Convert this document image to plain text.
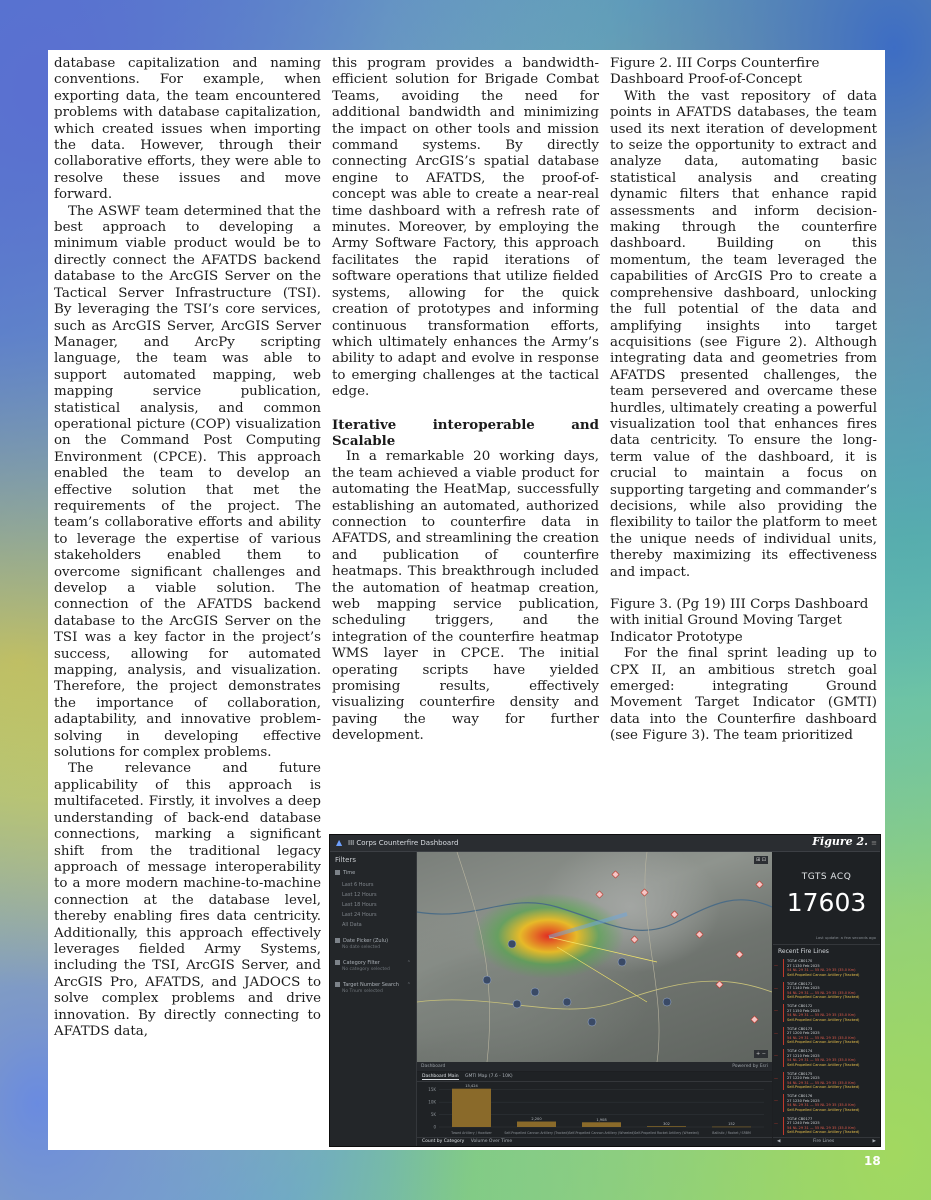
database capitalization and naming conventions. For example, when exporting data, the team encountered problems with database capitalization, which created issues when importing the data. However, through their collaborative efforts, they were able to resolve these issues and move forward.

The ASWF team determined that the best approach to developing a minimum viable product would be to directly connect the AFATDS backend database to the ArcGIS Server on the Tactical Server Infrastructure (TSI). By leveraging the TSI’s core services, such as ArcGIS Server, ArcGIS Server Manager, and ArcPy scripting language, the team was able to support automated mapping, web mapping service publication, statistical analysis, and common operational picture (COP) visualization on the Command Post Computing Environment (CPCE). This approach enabled the team to develop an effective solution that met the requirements of the project. The team’s collaborative efforts and ability to leverage the expertise of various stakeholders enabled them to overcome significant challenges and develop a viable solution. The connection of the AFATDS backend database to the ArcGIS Server on the TSI was a key factor in the project’s success, allowing for automated mapping, analysis, and visualization. Therefore, the project demonstrates the importance of collaboration, adaptability, and innovative problem-solving in developing effective solutions for complex problems.

The relevance and future applicability of this approach is multifaceted. Firstly, it involves a deep understanding of back-end database connections, marking a significant shift from the traditional legacy approach of message interoperability to a more modern machine-to-machine connection at the database level, thereby enabling fires data centricity. Additionally, this approach effectively leverages fielded Army Systems, including the TSI, ArcGIS Server, and ArcGIS Pro, AFATDS, and JADOCS to solve complex problems and drive innovation. By directly connecting to AFATDS data,

this program provides a bandwidth-efficient solution for Brigade Combat Teams, avoiding the need for additional bandwidth and minimizing the impact on other tools and mission command systems. By directly connecting ArcGIS’s spatial database engine to AFATDS, the proof-of-concept was able to create a near-real time dashboard with a refresh rate of minutes. Moreover, by employing the Army Software Factory, this approach facilitates the rapid iterations of software operations that utilize fielded systems, allowing for the quick creation of prototypes and informing continuous transformation efforts, which ultimately enhances the Army’s ability to adapt and evolve in response to emerging challenges at the tactical edge.

Iterative interoperable and Scalable

In a remarkable 20 working days, the team achieved a viable product for automating the HeatMap, successfully establishing an automated, authorized connection to counterfire data in AFATDS, and streamlining the creation and publication of counterfire heatmaps. This breakthrough included the automation of heatmap creation, web mapping service publication, scheduling triggers, and the integration of the counterfire heatmap WMS layer in CPCE. The initial operating scripts have yielded promising results, effectively visualizing counterfire density and paving the way for further development.

Figure 2. III Corps Counterfire Dashboard Proof-of-Concept

With the vast repository of data points in AFATDS databases, the team used its next iteration of development to seize the opportunity to extract and analyze data, automating basic statistical analysis and creating dynamic filters that enhance rapid assessments and inform decision-making through the counterfire dashboard. Building on this momentum, the team leveraged the capabilities of ArcGIS Pro to create a comprehensive dashboard, unlocking the full potential of the data and amplifying insights into target acquisitions (see Figure 2). Although integrating data and geometries from AFATDS presented challenges, the team persevered and overcame these hurdles, ultimately creating a powerful visualization tool that enhances fires data centricity. To ensure the long-term value of the dashboard, it is crucial to maintain a focus on supporting targeting and commander’s decisions, while also providing the flexibility to tailor the platform to meet the unique needs of individual units, thereby maximizing its effectiveness and impact.

Figure 3. (Pg 19) III Corps Dashboard with initial Ground Moving Target Indicator Prototype

For the final sprint leading up to CPX II, an ambitious stretch goal emerged: integrating Ground Movement Target Indicator (GMTI) data into the Counterfire dashboard (see Figure 3). The team prioritized

▲ III Corps Counterfire Dashboard	Figure 2. ≡
Filters
Time
Last 6 Hours
Last 12 Hours
Last 18 Hours
Last 24 Hours
All Data
Date Picker (Zulu)
No date selected
Category Filter	⌃
No category selected
Target Number Search ⌃
No Tnum selected
⊞ ⊡
+ −
Dashboard	Powered by Esri
Dashboard Main GMTI Map (7.6 - 10K)
0
5K
10K
15K
15,424
Towed Artillery / Howitzer
2,200
Self-Propelled Cannon Artillery (Tracked)
1,908
Self-Propelled Cannon Artillery (Wheeled)
302
Self-Propelled Rocket Artillery (Wheeled)
152
Ballistic / Rocket / SRBM
Count by Category Volume Over Time
TGTS ACQ
17603
Last update: a few seconds ago
Recent Fire Lines
—
TGT# CB0170
27 1130 Feb 2025
54 NL 29 31 — 55 NL 29 35 (35.0 Km)
Self-Propelled Cannon Artillery (Tracked)
—
TGT# CB0171
27 1140 Feb 2025
54 NL 29 31 — 55 NL 29 35 (35.0 Km)
Self-Propelled Cannon Artillery (Tracked)
—
TGT# CB0172
27 1150 Feb 2025
54 NL 29 31 — 55 NL 29 35 (35.0 Km)
Self-Propelled Cannon Artillery (Tracked)
—
TGT# CB0173
27 1200 Feb 2025
54 NL 29 31 — 55 NL 29 35 (35.0 Km)
Self-Propelled Cannon Artillery (Tracked)
—
TGT# CB0174
27 1210 Feb 2025
54 NL 29 31 — 55 NL 29 35 (35.0 Km)
Self-Propelled Cannon Artillery (Tracked)
—
TGT# CB0175
27 1220 Feb 2025
54 NL 29 31 — 55 NL 29 35 (35.0 Km)
Self-Propelled Cannon Artillery (Tracked)
—
TGT# CB0176
27 1230 Feb 2025
54 NL 29 31 — 55 NL 29 35 (35.0 Km)
Self-Propelled Cannon Artillery (Tracked)
—
TGT# CB0177
27 1240 Feb 2025
54 NL 29 31 — 55 NL 29 35 (35.0 Km)
Self-Propelled Cannon Artillery (Tracked)
◀	Fire Lines	▶
18
